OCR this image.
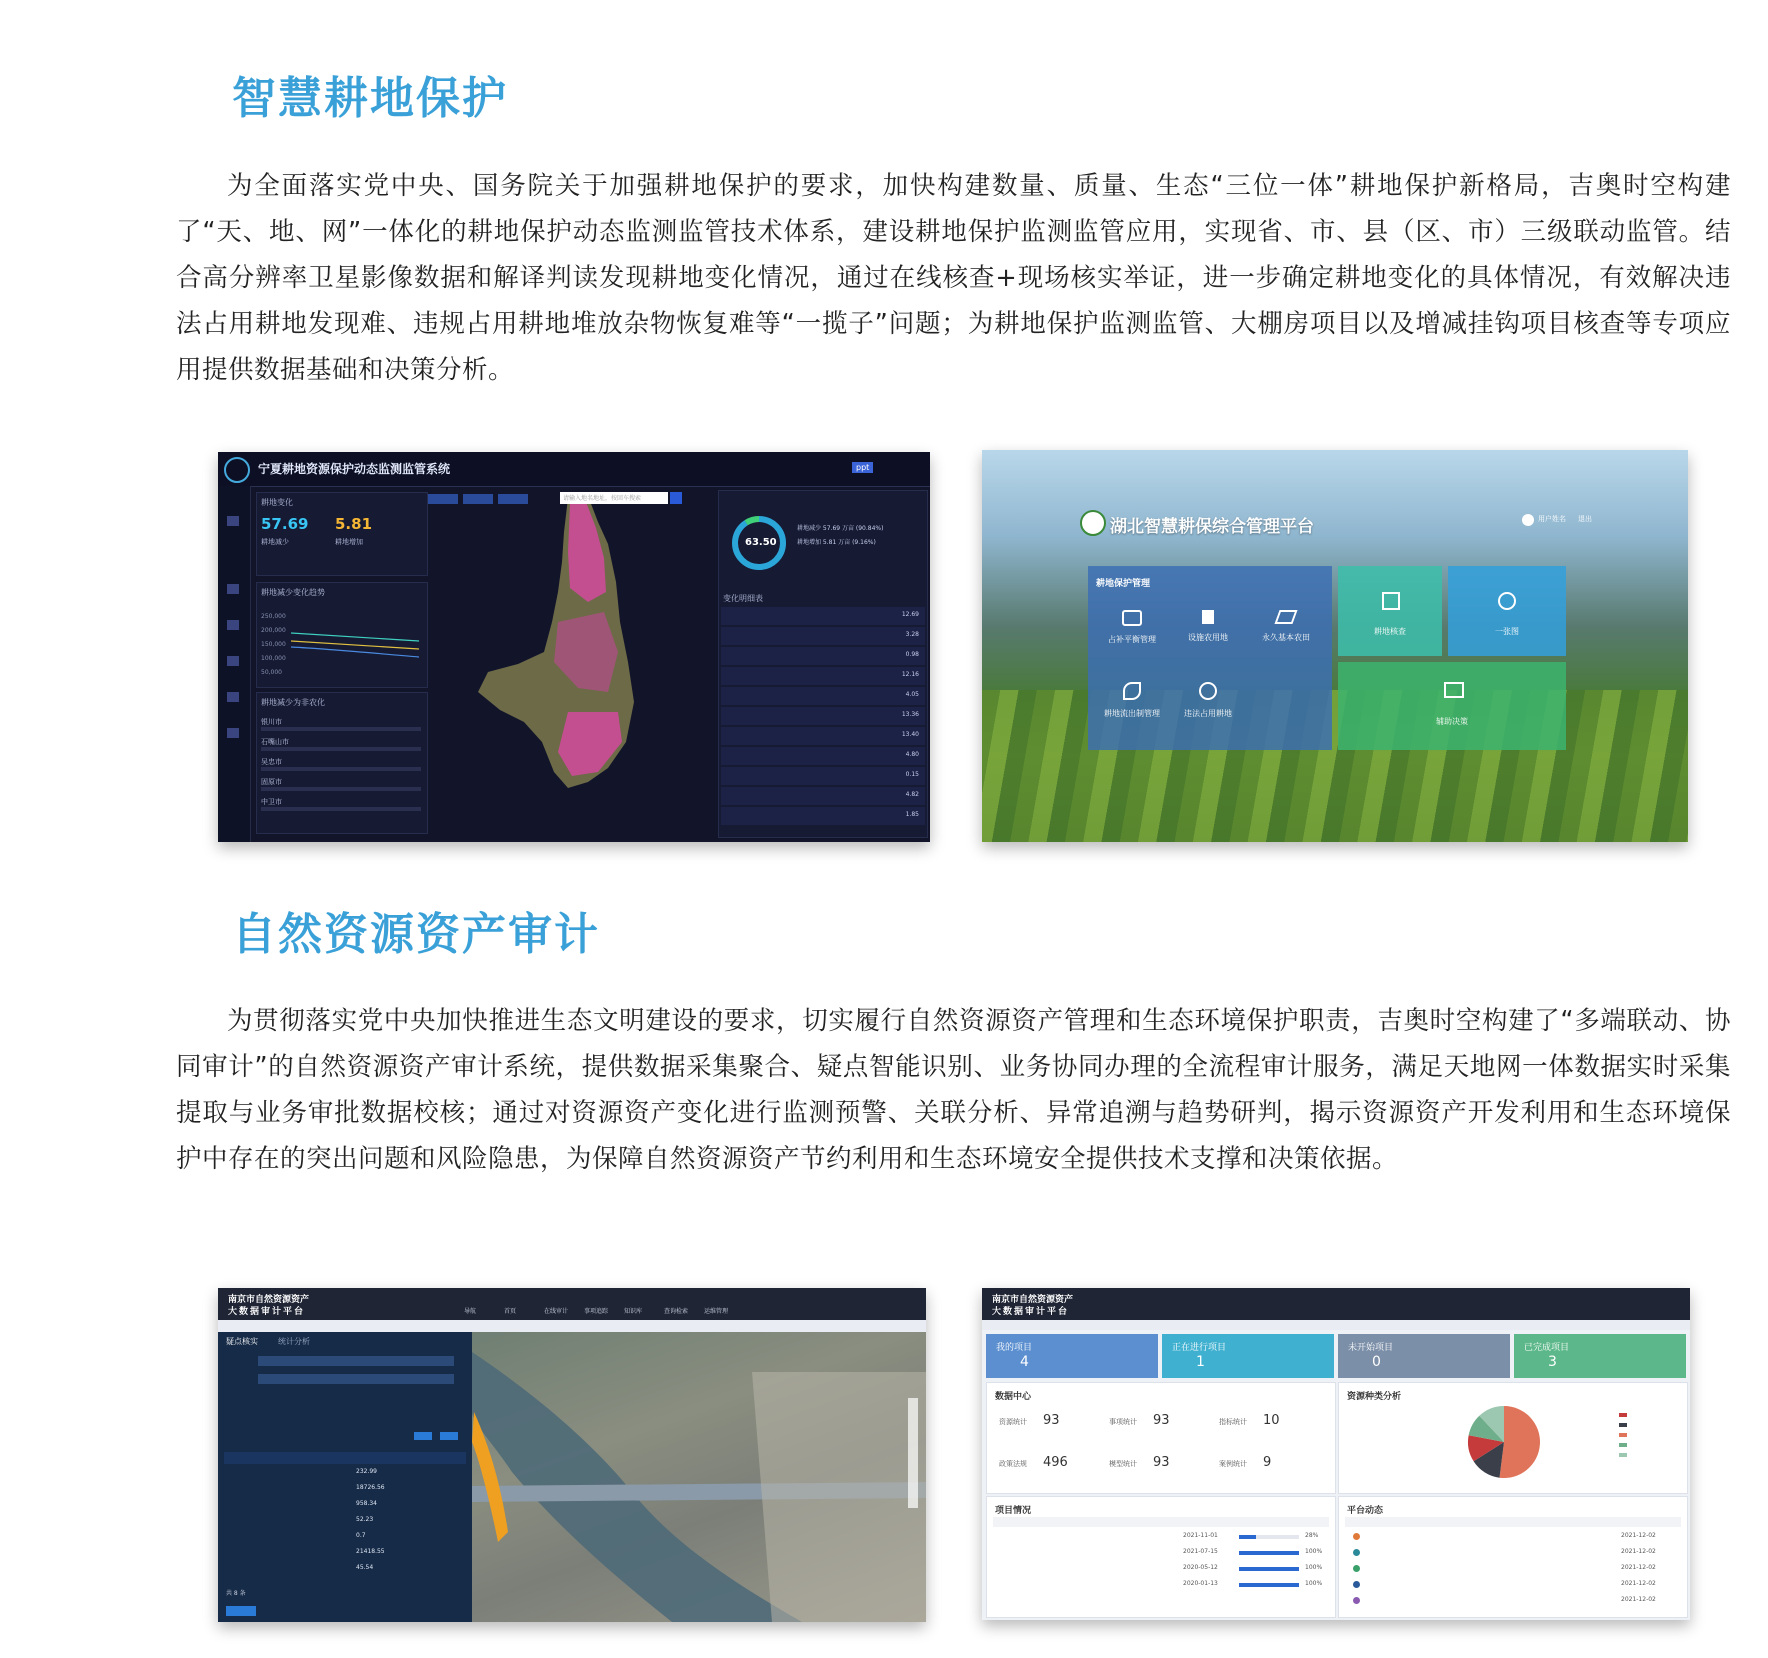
智慧耕地保护

为全面落实党中央、国务院关于加强耕地保护的要求，加快构建数量、质量、生态“三位一体”耕地保护新格局，吉奥时空构建了“天、地、网”一体化的耕地保护动态监测监管技术体系，建设耕地保护监测监管应用，实现省、市、县（区、市）三级联动监管。结合高分辨率卫星影像数据和解译判读发现耕地变化情况，通过在线核查+现场核实举证，进一步确定耕地变化的具体情况，有效解决违法占用耕地发现难、违规占用耕地堆放杂物恢复难等“一揽子”问题；为耕地保护监测监管、大棚房项目以及增减挂钩项目核查等专项应用提供数据基础和决策分析。

宁夏耕地资源保护动态监测监管系统	ppt
耕地变化
57.69 5.81
耕地减少	耕地增加
耕地减少变化趋势
250,000
200,000
150,000
100,000
50,000
耕地减少为非农化
银川市
石嘴山市
吴忠市
固原市
中卫市
请输入地名地址，按回车搜索
63.50
耕地减少 57.69 万亩 (90.84%)
耕地增加 5.81 万亩 (9.16%)
变化明细表
12.69
3.28
0.98
12.16
4.05
13.36
13.40
4.80
0.15
4.82
1.85
湖北智慧耕保综合管理平台	用户姓名 退出
耕地保护管理
占补平衡管理	设施农用地	永久基本农田
耕地流出制管理	违法占用耕地
耕地核查	一张图
辅助决策
自然资源资产审计

为贯彻落实党中央加快推进生态文明建设的要求，切实履行自然资源资产管理和生态环境保护职责，吉奥时空构建了“多端联动、协同审计”的自然资源资产审计系统，提供数据采集聚合、疑点智能识别、业务协同办理的全流程审计服务，满足天地网一体数据实时采集提取与业务审批数据校核；通过对资源资产变化进行监测预警、关联分析、异常追溯与趋势研判，揭示资源资产开发利用和生态环境保护中存在的突出问题和风险隐患，为保障自然资源资产节约利用和生态环境安全提供技术支撑和决策依据。

南京市自然资源资产
大数据审计平台	导航	首页	在线审计	事项追踪	知识库	查询检索	运维管理
疑点核实	统计分析
232.99
18726.56
958.34
52.23
0.7
21418.55
45.54
共 8 条
南京市自然资源资产
大数据审计平台
我的项目
4
正在进行项目
1
未开始项目
0
已完成项目
3
数据中心
资源统计 93	事项统计 93	指标统计 10
政策法规 496	模型统计 93	案例统计 9
资源种类分析
项目情况
2021-11-01	28%
2021-07-15	100%
2020-05-12	100%
2020-01-13	100%
平台动态
2021-12-02
2021-12-02
2021-12-02
2021-12-02
2021-12-02
